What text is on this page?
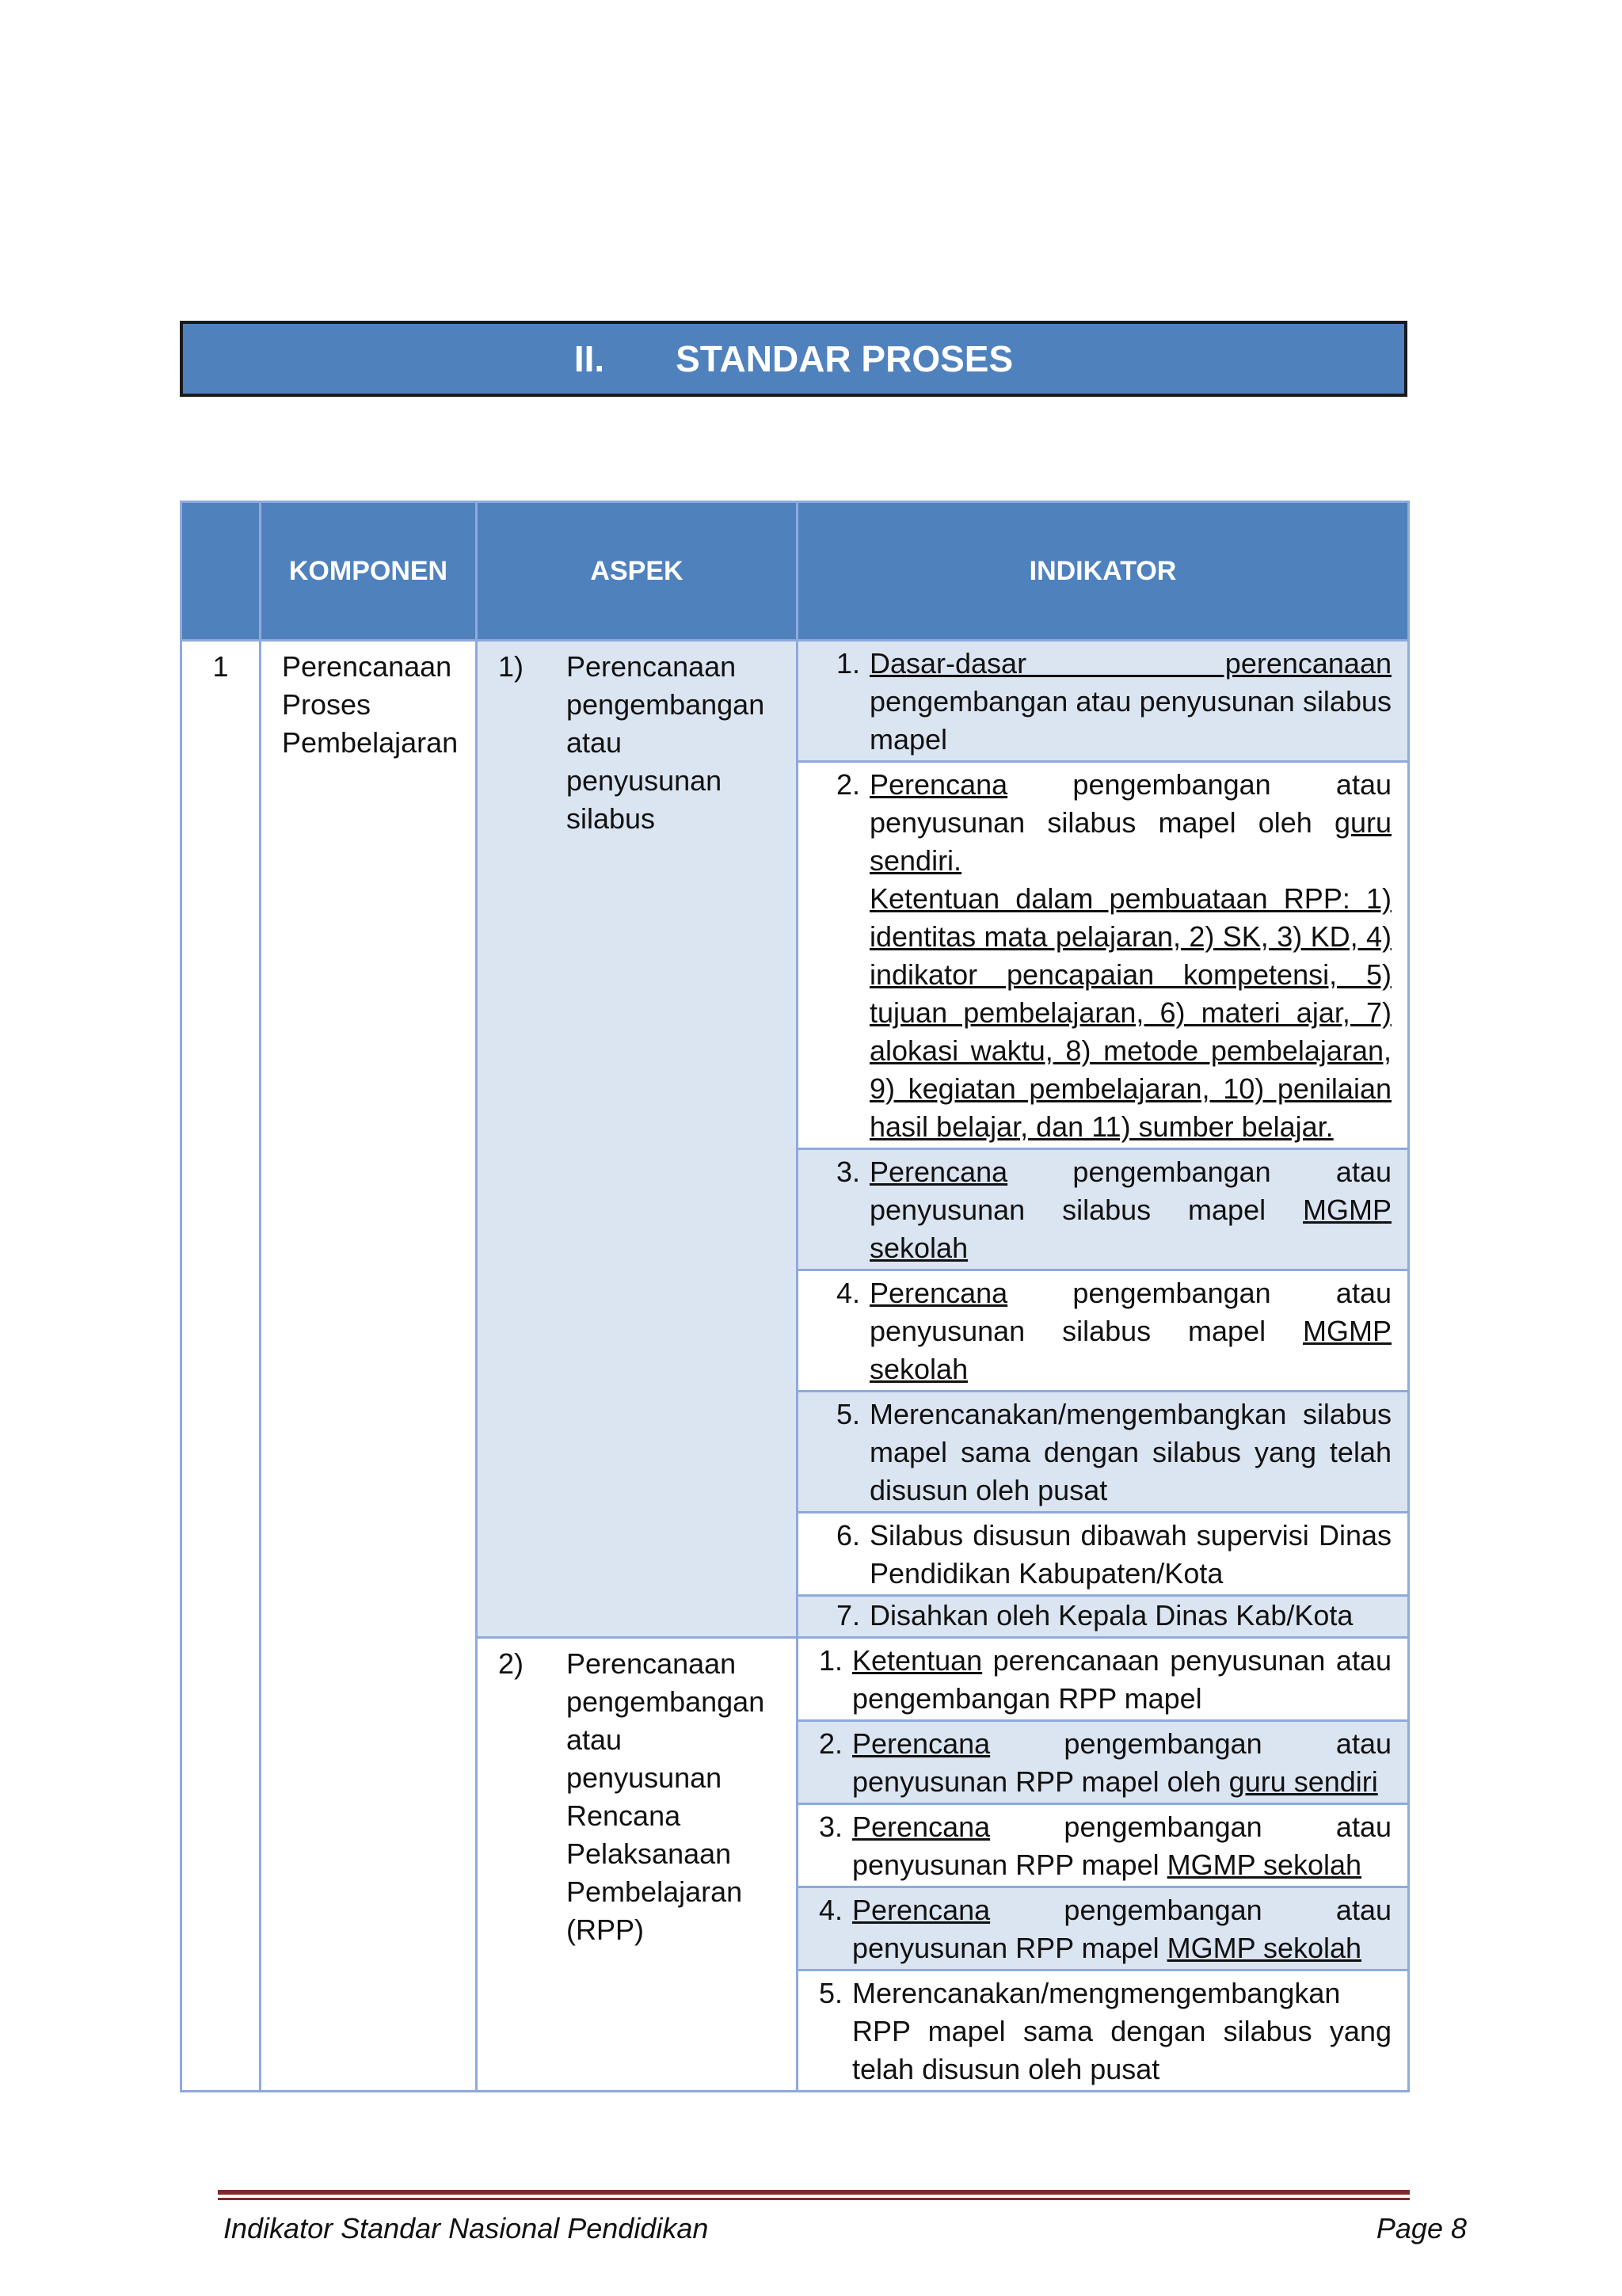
II. STANDAR PROSES
	KOMPONEN	ASPEK	INDIKATOR
1	Perencanaan Proses Pembelajaran	1) Perencanaan pengembangan atau penyusunan silabus	1. Dasar-dasar perencanaan pengembangan atau penyusunan silabus mapel

			2. Perencana pengembangan atau penyusunan silabus mapel oleh guru sendiri.
Ketentuan dalam pembuataan RPP: 1) identitas mata pelajaran, 2) SK, 3) KD, 4) indikator pencapaian kompetensi, 5) tujuan pembelajaran, 6) materi ajar, 7) alokasi waktu, 8) metode pembelajaran, 9) kegiatan pembelajaran, 10) penilaian hasil belajar, dan 11) sumber belajar.

			3. Perencana pengembangan atau penyusunan silabus mapel MGMP sekolah

			4. Perencana pengembangan atau penyusunan silabus mapel MGMP sekolah

			5. Merencanakan/mengembangkan silabus mapel sama dengan silabus yang telah disusun oleh pusat

			6. Silabus disusun dibawah supervisi Dinas Pendidikan Kabupaten/Kota

			7. Disahkan oleh Kepala Dinas Kab/Kota

		2) Perencanaan pengembangan atau penyusunan Rencana Pelaksanaan Pembelajaran (RPP)	1. Ketentuan perencanaan penyusunan atau pengembangan RPP mapel

			2. Perencana pengembangan atau penyusunan RPP mapel oleh guru sendiri

			3. Perencana pengembangan atau penyusunan RPP mapel MGMP sekolah

			4. Perencana pengembangan atau penyusunan RPP mapel MGMP sekolah

			5. Merencanakan/mengmengembangkan RPP mapel sama dengan silabus yang telah disusun oleh pusat
Indikator Standar Nasional Pendidikan	Page 8
